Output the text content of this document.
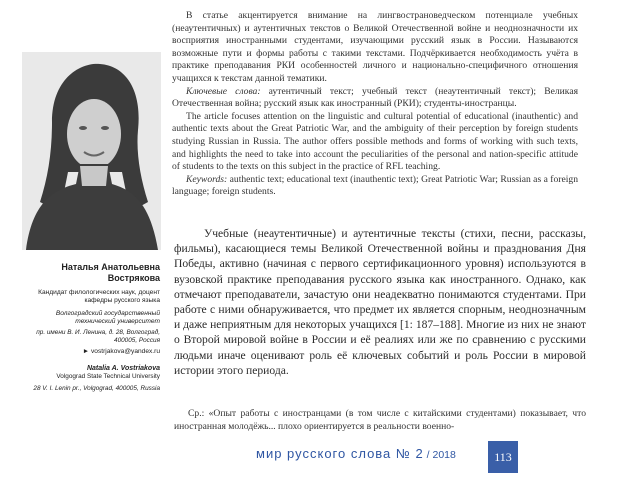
В статье акцентируется внимание на лингвострановедческом потенциале учебных (неаутентичных) и аутентичных текстов о Великой Отечественной войне и неоднозначности их восприятия иностранными студентами, изучающими русский язык в России. Называются возможные пути и формы работы с такими текстами. Подчёркивается необходимость учёта в практике преподавания РКИ особенностей личного и национально-специфичного отношения учащихся к текстам данной тематики.

Ключевые слова: аутентичный текст; учебный текст (неаутентичный текст); Великая Отечественная война; русский язык как иностранный (РКИ); студенты-иностранцы.

The article focuses attention on the linguistic and cultural potential of educational (inauthentic) and authentic texts about the Great Patriotic War, and the ambiguity of their perception by foreign students studying Russian in Russia. The author offers possible methods and forms of working with such texts, and highlights the need to take into account the peculiarities of the personal and nation-specific attitude of students to the texts on this subject in the practice of RFL teaching.

Keywords: authentic text; educational text (inauthentic text); Great Patriotic War; Russian as a foreign language; foreign students.

Наталья Анатольевна Вострякова
Кандидат филологических наук, доцент кафедры русского языка
Волгоградский государственный технический университет
пр. имени В. И. Ленина, д. 28, Волгоград, 400005, Россия
► vostrjakova@yandex.ru
Natalia A. Vostriakova
Volgograd State Technical University
28 V. I. Lenin pr., Volgograd, 400005, Russia

Учебные (неаутентичные) и аутентичные тексты (стихи, песни, рассказы, фильмы), касающиеся темы Великой Отечественной войны и празднования Дня Победы, активно (начиная с первого сертификационного уровня) используются в вузовской практике преподавания русского языка как иностранного. Однако, как отмечают преподаватели, зачастую они неадекватно понимаются студентами. При работе с ними обнаруживается, что предмет их является спорным, неоднозначным и даже неприятным для некоторых учащихся [1: 187–188]. Многие из них не знают о Второй мировой войне в России и её реалиях или же по сравнению с русскими людьми иначе оценивают роль её ключевых событий и роль России в мировой истории этого периода.

Ср.: «Опыт работы с иностранцами (в том числе с китайскими студентами) показывает, что иностранная молодёжь... плохо ориентируется в реальности военно-

мир русского слова № 2 / 2018	113
